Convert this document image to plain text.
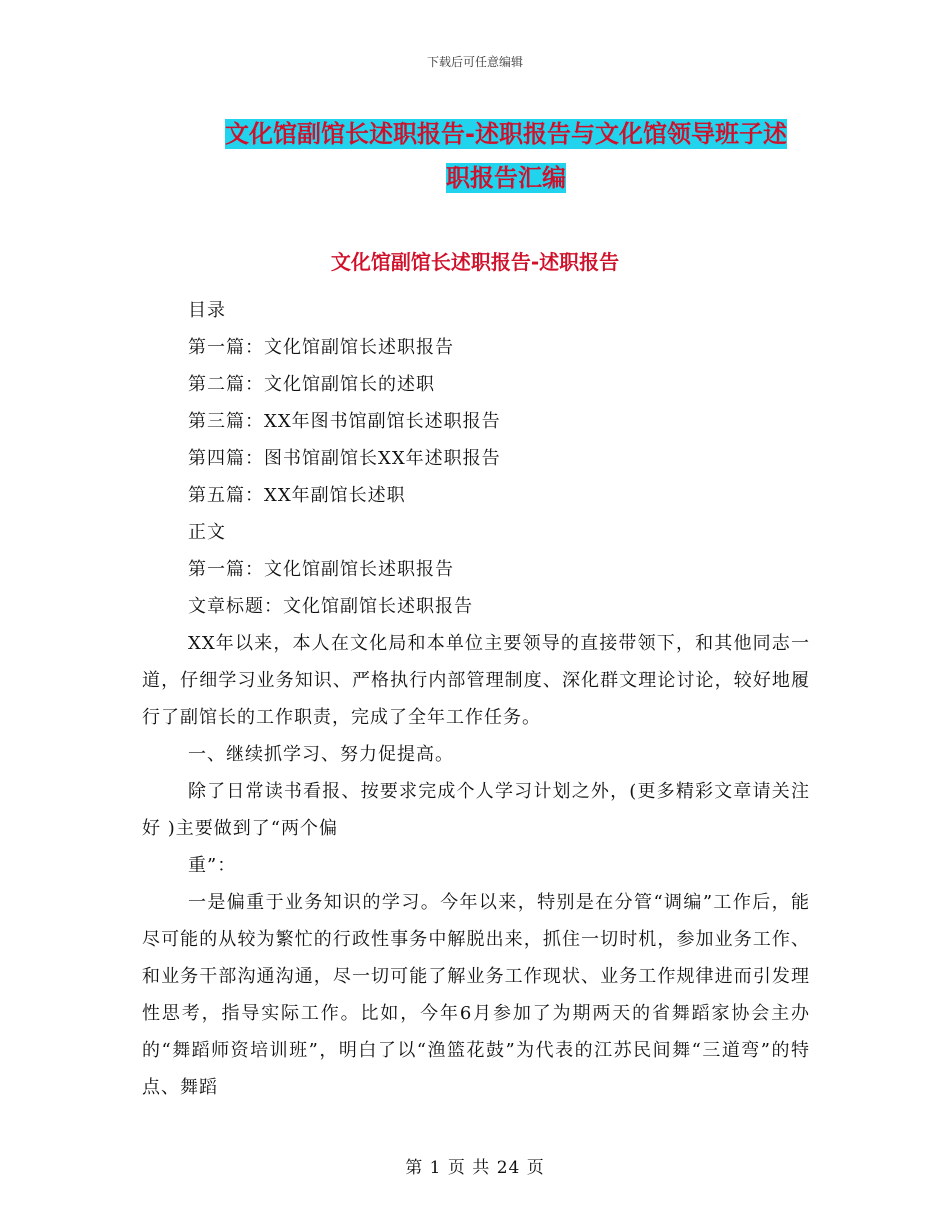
下载后可任意编辑
文化馆副馆长述职报告-述职报告与文化馆领导班子述
职报告汇编
文化馆副馆长述职报告-述职报告

目录

第一篇：文化馆副馆长述职报告

第二篇：文化馆副馆长的述职

第三篇：XX年图书馆副馆长述职报告

第四篇：图书馆副馆长XX年述职报告

第五篇：XX年副馆长述职

正文

第一篇：文化馆副馆长述职报告

文章标题：文化馆副馆长述职报告

XX年以来，本人在文化局和本单位主要领导的直接带领下，和其他同志一道，仔细学习业务知识、严格执行内部管理制度、深化群文理论讨论，较好地履行了副馆长的工作职责，完成了全年工作任务。

一、继续抓学习、努力促提高。

除了日常读书看报、按要求完成个人学习计划之外，(更多精彩文章请关注好 )主要做到了“两个偏

重”：

一是偏重于业务知识的学习。今年以来，特别是在分管“调编”工作后，能尽可能的从较为繁忙的行政性事务中解脱出来，抓住一切时机，参加业务工作、和业务干部沟通沟通，尽一切可能了解业务工作现状、业务工作规律进而引发理性思考，指导实际工作。比如，今年6月参加了为期两天的省舞蹈家协会主办的“舞蹈师资培训班”，明白了以“渔篮花鼓”为代表的江苏民间舞“三道弯”的特点、舞蹈

第 1 页 共 24 页
